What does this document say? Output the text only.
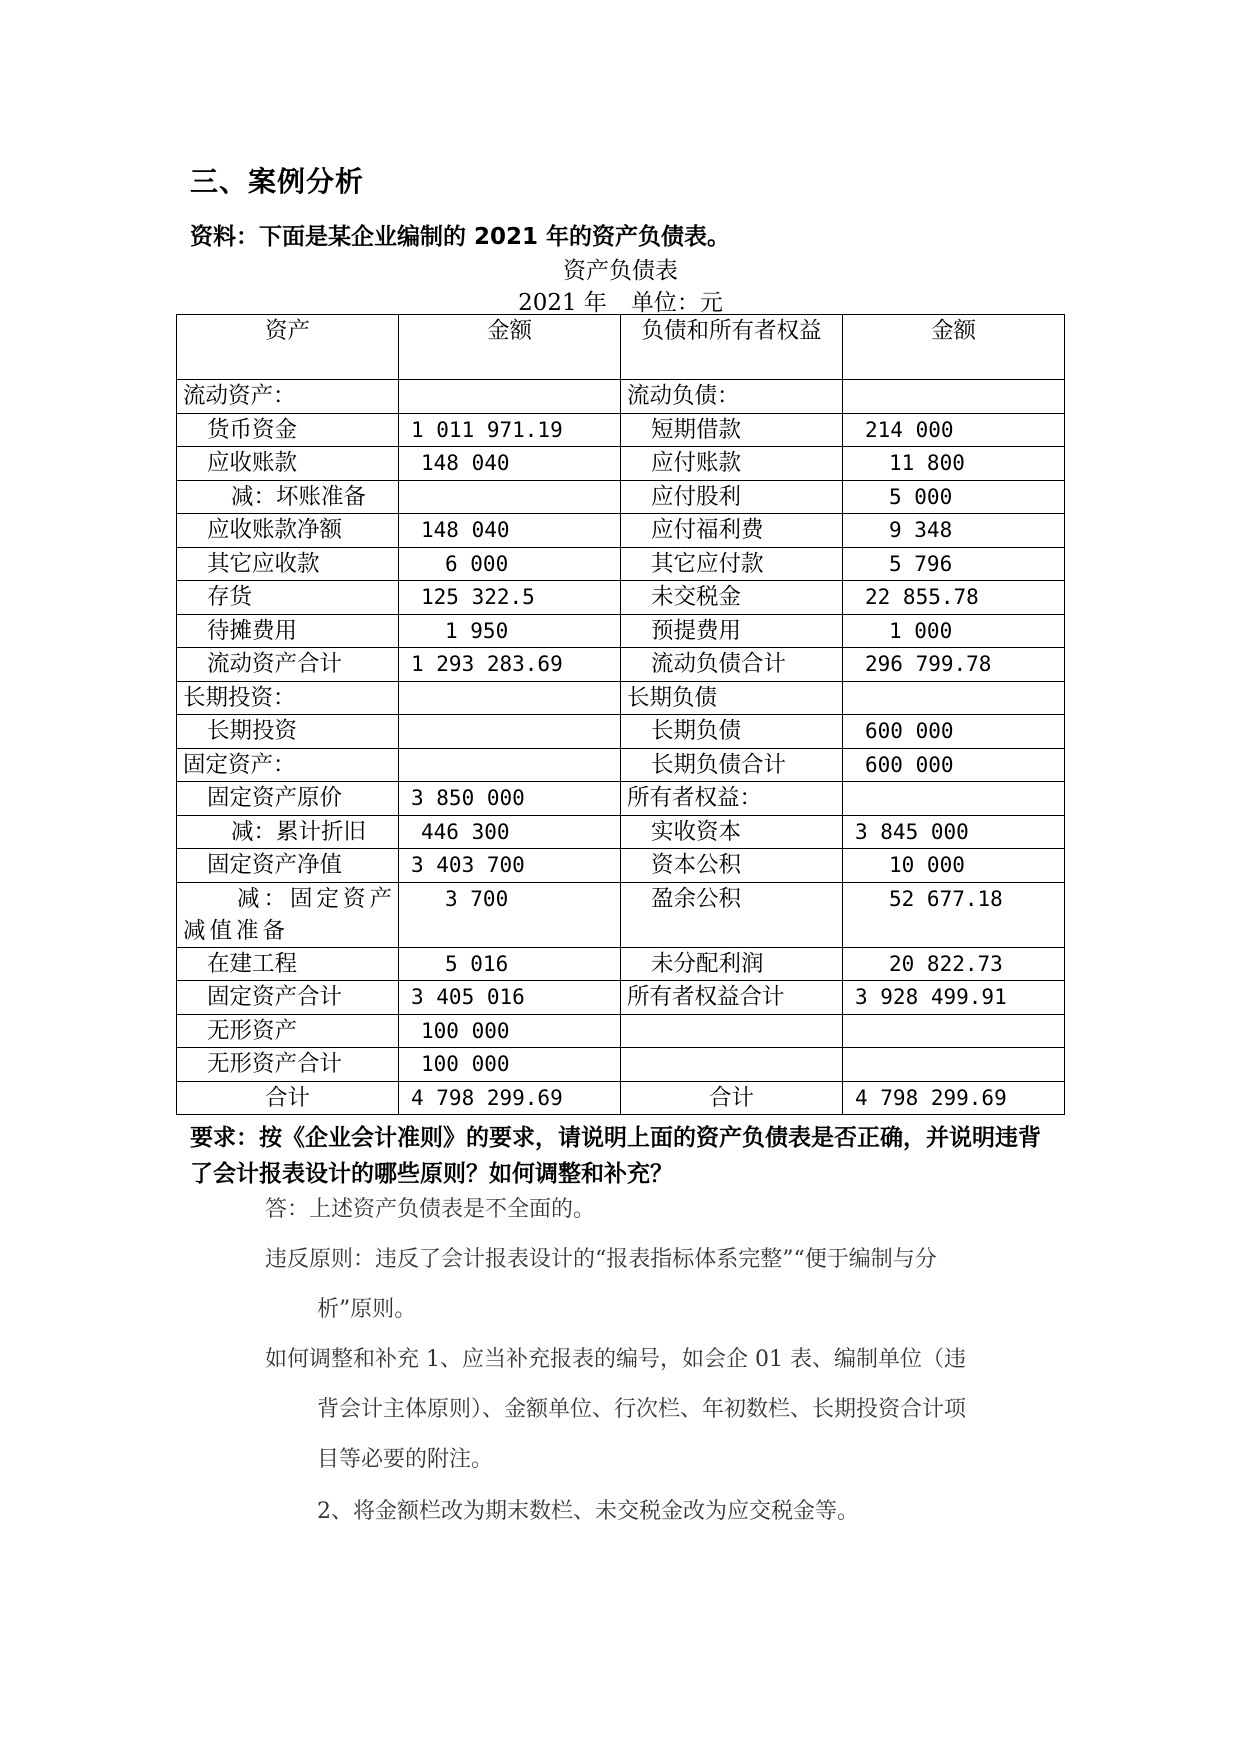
三、案例分析
资料：下面是某企业编制的 2021 年的资产负债表。
资产负债表
2021 年 单位：元
资产	金额	负债和所有者权益	金额
流动资产：		流动负债：	
货币资金	1 011 971.19	短期借款	214 000
应收账款	148 040	应付账款	11 800
减：坏账准备		应付股利	5 000
应收账款净额	148 040	应付福利费	9 348
其它应收款	6 000	其它应付款	5 796
存货	125 322.5	未交税金	22 855.78
待摊费用	1 950	预提费用	1 000
流动资产合计	1 293 283.69	流动负债合计	296 799.78
长期投资：		长期负债	
长期投资		长期负债	600 000
固定资产：		长期负债合计	600 000
固定资产原价	3 850 000	所有者权益：	
减：累计折旧	446 300	实收资本	3 845 000
固定资产净值	3 403 700	资本公积	10 000
减：固定资产减值准备	3 700	盈余公积	52 677.18
在建工程	5 016	未分配利润	20 822.73
固定资产合计	3 405 016	所有者权益合计	3 928 499.91
无形资产	100 000		
无形资产合计	100 000		
合计	4 798 299.69	合计	4 798 299.69
要求：按《企业会计准则》的要求，请说明上面的资产负债表是否正确，并说明违背了会计报表设计的哪些原则？如何调整和补充？
答：上述资产负债表是不全面的。
违反原则：违反了会计报表设计的“报表指标体系完整”“便于编制与分
析”原则。
如何调整和补充 1、应当补充报表的编号，如会企 01 表、编制单位（违
背会计主体原则）、金额单位、行次栏、年初数栏、长期投资合计项
目等必要的附注。
2、将金额栏改为期末数栏、未交税金改为应交税金等。
